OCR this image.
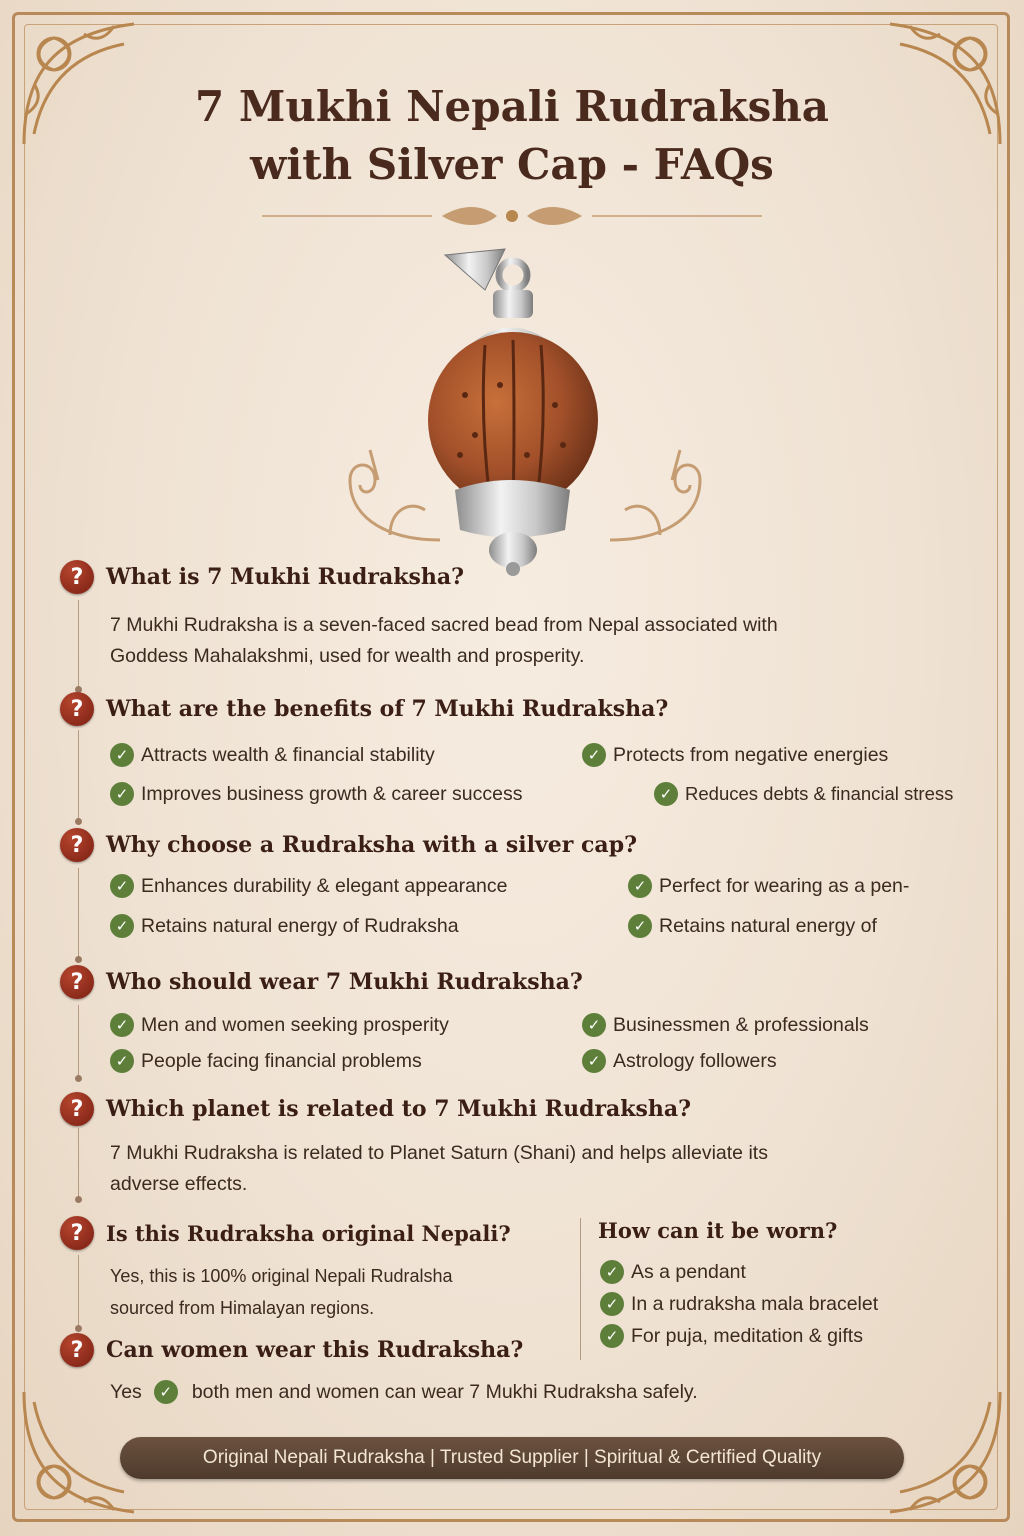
7 Mukhi Nepali Rudraksha
with Silver Cap - FAQs
?	What is 7 Mukhi Rudraksha?
7 Mukhi Rudraksha is a seven-faced sacred bead from Nepal associated with
Goddess Mahalakshmi, used for wealth and prosperity.
?	What are the benefits of 7 Mukhi Rudraksha?
✓ Attracts wealth & financial stability	✓ Protects from negative energies
✓ Improves business growth & career success	✓ Reduces debts & financial stress
?	Why choose a Rudraksha with a silver cap?
✓ Enhances durability & elegant appearance	✓ Perfect for wearing as a pen-
✓ Retains natural energy of Rudraksha	✓ Retains natural energy of
?	Who should wear 7 Mukhi Rudraksha?
✓ Men and women seeking prosperity	✓ Businessmen & professionals
✓ People facing financial problems	✓ Astrology followers
?	Which planet is related to 7 Mukhi Rudraksha?
7 Mukhi Rudraksha is related to Planet Saturn (Shani) and helps alleviate its
adverse effects.
?	Is this Rudraksha original Nepali?
Yes, this is 100% original Nepali Rudralsha
sourced from Himalayan regions.
How can it be worn?
✓ As a pendant
✓ In a rudraksha mala bracelet
✓ For puja, meditation & gifts
?	Can women wear this Rudraksha?
Yes	✓ both men and women can wear 7 Mukhi Rudraksha safely.
Original Nepali Rudraksha | Trusted Supplier | Spiritual & Certified Quality
